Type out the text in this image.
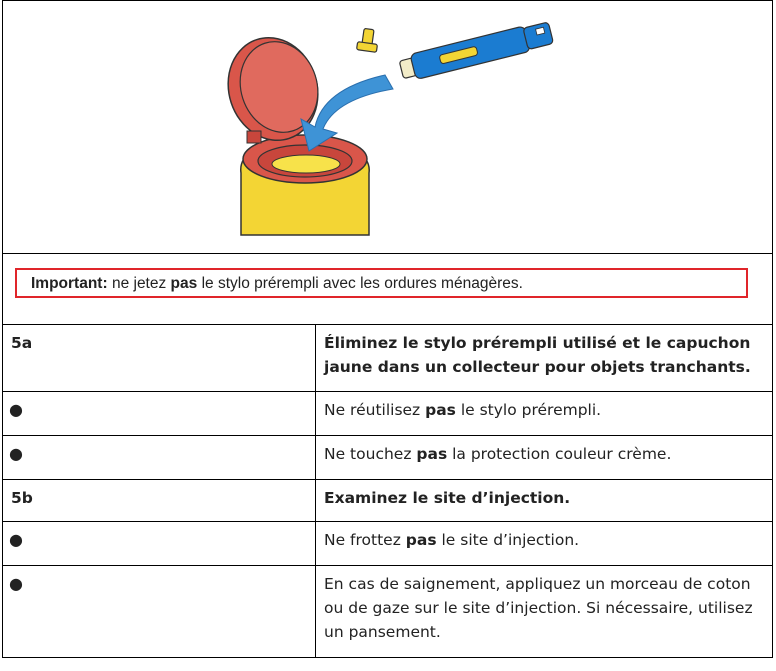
Important: ne jetez pas le stylo prérempli avec les ordures ménagères.	

5a	Éliminez le stylo prérempli utilisé et le capuchon jaune dans un collecteur pour objets tranchants.
●	Ne réutilisez pas le stylo prérempli.
●	Ne touchez pas la protection couleur crème.
5b	Examinez le site d’injection.
●	Ne frottez pas le site d’injection.
●	En cas de saignement, appliquez un morceau de coton ou de gaze sur le site d’injection. Si nécessaire, utilisez un pansement.
